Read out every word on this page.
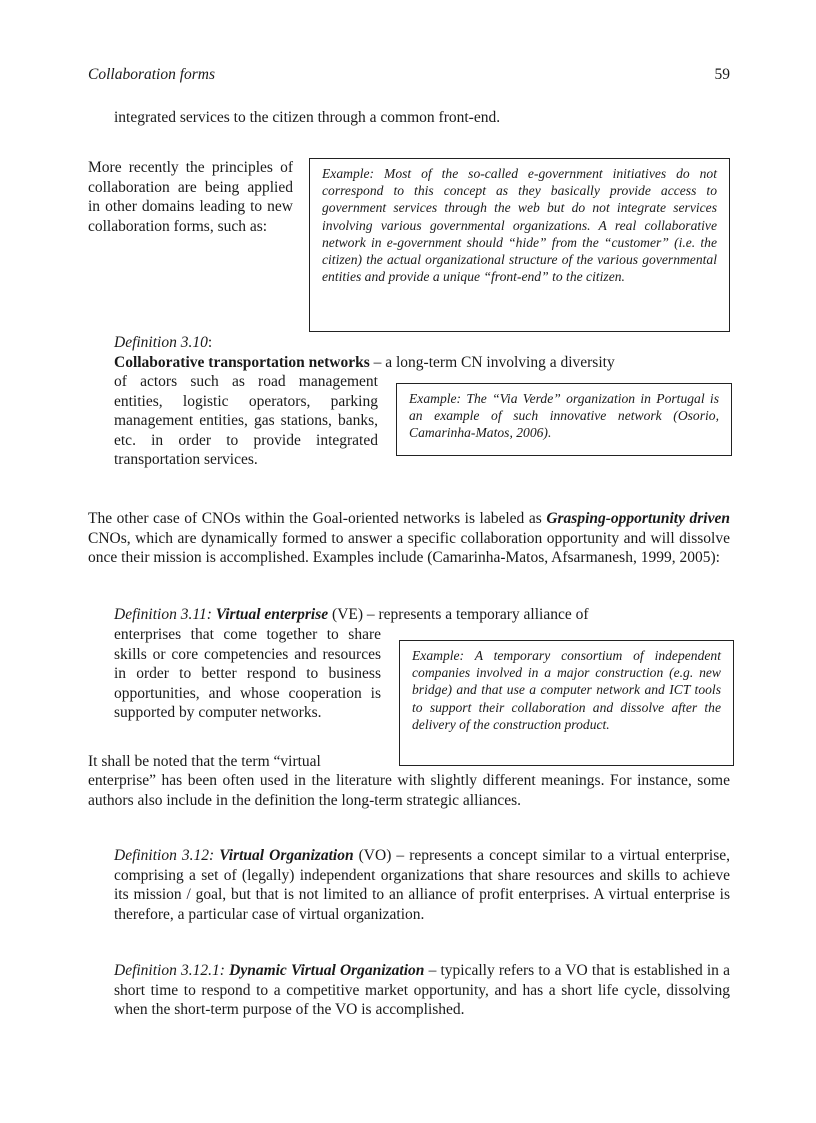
Collaboration forms	59
integrated services to the citizen through a common front-end.
More recently the principles of collaboration are being applied in other domains leading to new collaboration forms, such as:
Example: Most of the so-called e-government initiatives do not correspond to this concept as they basically provide access to government services through the web but do not integrate services involving various governmental organizations. A real collaborative network in e-government should “hide” from the “customer” (i.e. the citizen) the actual organizational structure of the various governmental entities and provide a unique “front-end” to the citizen.
Definition 3.10:
Collaborative transportation networks – a long-term CN involving a diversity
of actors such as road management entities, logistic operators, parking management entities, gas stations, banks, etc. in order to provide integrated transportation services.
Example: The “Via Verde” organization in Portugal is an example of such innovative network (Osorio, Camarinha-Matos, 2006).
The other case of CNOs within the Goal-oriented networks is labeled as Grasping-opportunity driven CNOs, which are dynamically formed to answer a specific collaboration opportunity and will dissolve once their mission is accomplished. Examples include (Camarinha-Matos, Afsarmanesh, 1999, 2005):
Definition 3.11: Virtual enterprise (VE) – represents a temporary alliance of
enterprises that come together to share skills or core competencies and resources in order to better respond to business opportunities, and whose cooperation is supported by computer networks.
Example: A temporary consortium of independent companies involved in a major construction (e.g. new bridge) and that use a computer network and ICT tools to support their collaboration and dissolve after the delivery of the construction product.
It shall be noted that the term “virtual
enterprise” has been often used in the literature with slightly different meanings. For instance, some authors also include in the definition the long-term strategic alliances.
Definition 3.12: Virtual Organization (VO) – represents a concept similar to a virtual enterprise, comprising a set of (legally) independent organizations that share resources and skills to achieve its mission / goal, but that is not limited to an alliance of profit enterprises. A virtual enterprise is therefore, a particular case of virtual organization.
Definition 3.12.1: Dynamic Virtual Organization – typically refers to a VO that is established in a short time to respond to a competitive market opportunity, and has a short life cycle, dissolving when the short-term purpose of the VO is accomplished.
